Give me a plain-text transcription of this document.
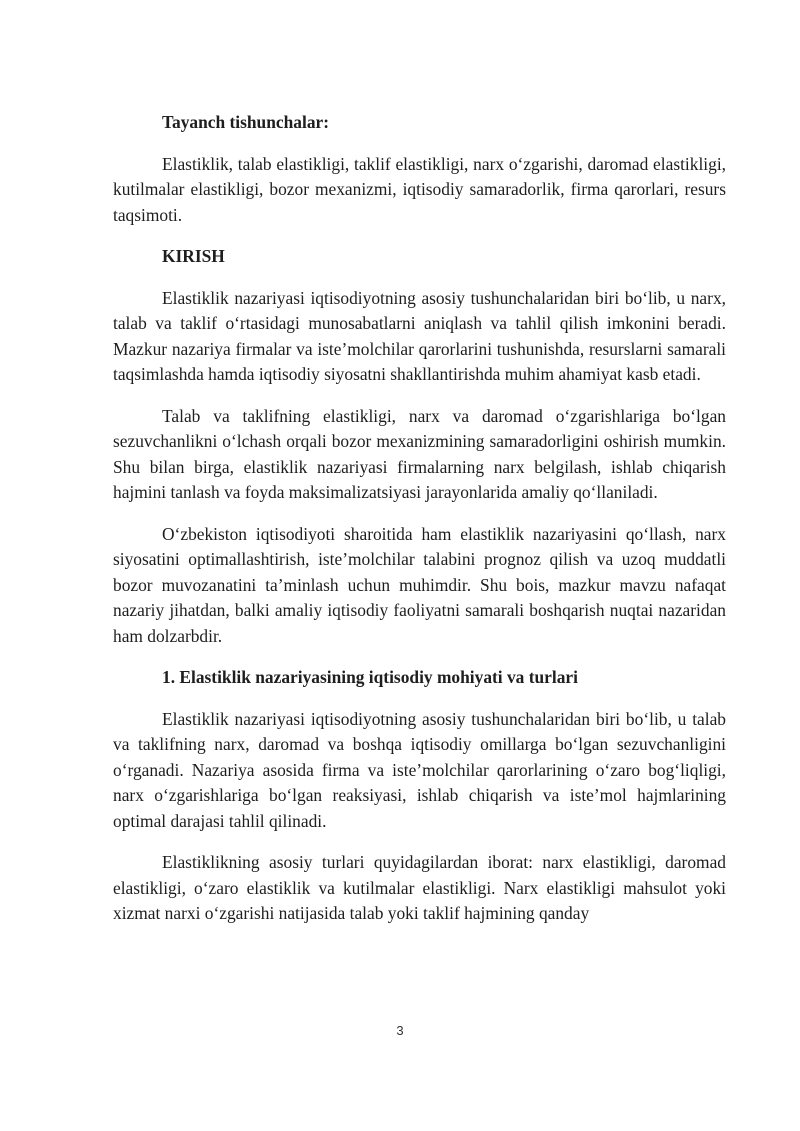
Tayanch tishunchalar:

Elastiklik, talab elastikligi, taklif elastikligi, narx o‘zgarishi, daromad elastikligi, kutilmalar elastikligi, bozor mexanizmi, iqtisodiy samaradorlik, firma qarorlari, resurs taqsimoti.

KIRISH

Elastiklik nazariyasi iqtisodiyotning asosiy tushunchalaridan biri bo‘lib, u narx, talab va taklif o‘rtasidagi munosabatlarni aniqlash va tahlil qilish imkonini beradi. Mazkur nazariya firmalar va iste’molchilar qarorlarini tushunishda, resurslarni samarali taqsimlashda hamda iqtisodiy siyosatni shakllantirishda muhim ahamiyat kasb etadi.

Talab va taklifning elastikligi, narx va daromad o‘zgarishlariga bo‘lgan sezuvchanlikni o‘lchash orqali bozor mexanizmining samaradorligini oshirish mumkin. Shu bilan birga, elastiklik nazariyasi firmalarning narx belgilash, ishlab chiqarish hajmini tanlash va foyda maksimalizatsiyasi jarayonlarida amaliy qo‘llaniladi.

O‘zbekiston iqtisodiyoti sharoitida ham elastiklik nazariyasini qo‘llash, narx siyosatini optimallashtirish, iste’molchilar talabini prognoz qilish va uzoq muddatli bozor muvozanatini ta’minlash uchun muhimdir. Shu bois, mazkur mavzu nafaqat nazariy jihatdan, balki amaliy iqtisodiy faoliyatni samarali boshqarish nuqtai nazaridan ham dolzarbdir.

1. Elastiklik nazariyasining iqtisodiy mohiyati va turlari

Elastiklik nazariyasi iqtisodiyotning asosiy tushunchalaridan biri bo‘lib, u talab va taklifning narx, daromad va boshqa iqtisodiy omillarga bo‘lgan sezuvchanligini o‘rganadi. Nazariya asosida firma va iste’molchilar qarorlarining o‘zaro bog‘liqligi, narx o‘zgarishlariga bo‘lgan reaksiyasi, ishlab chiqarish va iste’mol hajmlarining optimal darajasi tahlil qilinadi.

Elastiklikning asosiy turlari quyidagilardan iborat: narx elastikligi, daromad elastikligi, o‘zaro elastiklik va kutilmalar elastikligi. Narx elastikligi mahsulot yoki xizmat narxi o‘zgarishi natijasida talab yoki taklif hajmining qanday

3
